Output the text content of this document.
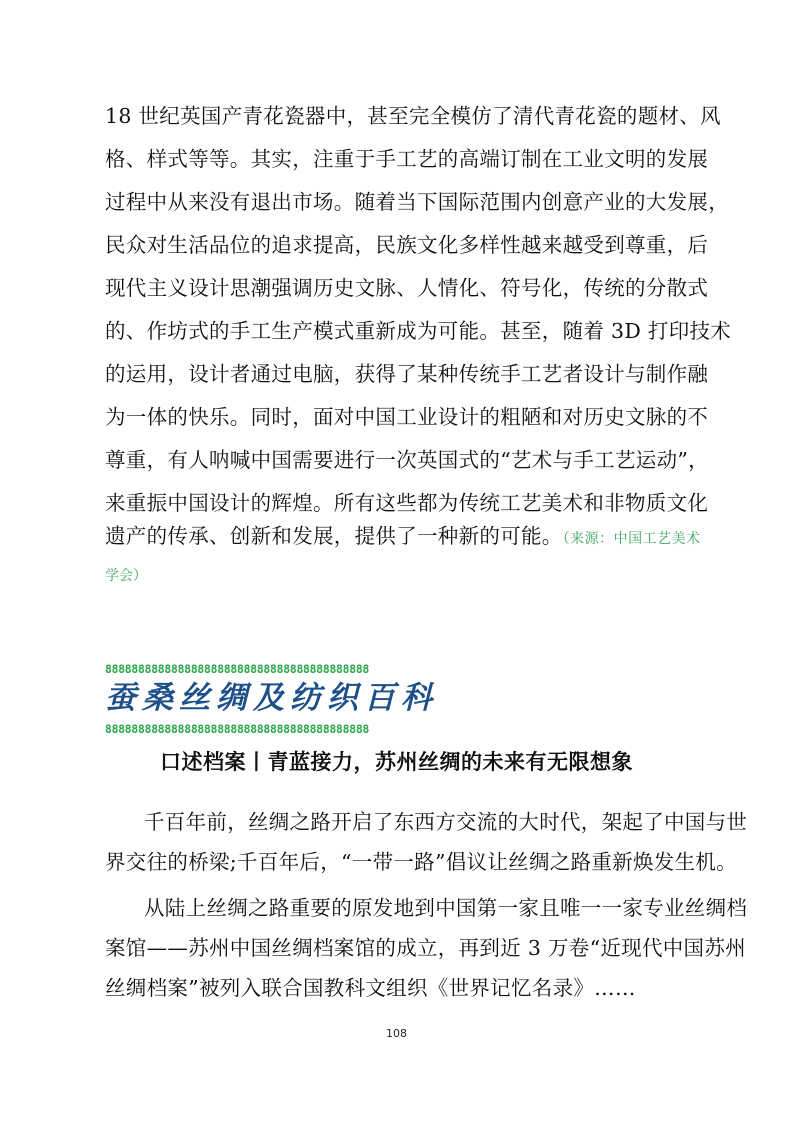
18 世纪英国产青花瓷器中，甚至完全模仿了清代青花瓷的题材、风
格、样式等等。其实，注重于手工艺的高端订制在工业文明的发展
过程中从来没有退出市场。随着当下国际范围内创意产业的大发展，
民众对生活品位的追求提高，民族文化多样性越来越受到尊重，后
现代主义设计思潮强调历史文脉、人情化、符号化，传统的分散式
的、作坊式的手工生产模式重新成为可能。甚至，随着 3D 打印技术
的运用，设计者通过电脑，获得了某种传统手工艺者设计与制作融
为一体的快乐。同时，面对中国工业设计的粗陋和对历史文脉的不
尊重，有人呐喊中国需要进行一次英国式的“艺术与手工艺运动”，
来重振中国设计的辉煌。所有这些都为传统工艺美术和非物质文化
遗产的传承、创新和发展，提供了一种新的可能。（来源：中国工艺美术
学会）
8888888888888888888888888888888888888888
蚕桑丝绸及纺织百科
8888888888888888888888888888888888888888
口述档案丨青蓝接力，苏州丝绸的未来有无限想象
千百年前，丝绸之路开启了东西方交流的大时代，架起了中国与世
界交往的桥梁;千百年后，“一带一路”倡议让丝绸之路重新焕发生机。
从陆上丝绸之路重要的原发地到中国第一家且唯一一家专业丝绸档
案馆——苏州中国丝绸档案馆的成立，再到近 3 万卷“近现代中国苏州
丝绸档案”被列入联合国教科文组织《世界记忆名录》……
108
